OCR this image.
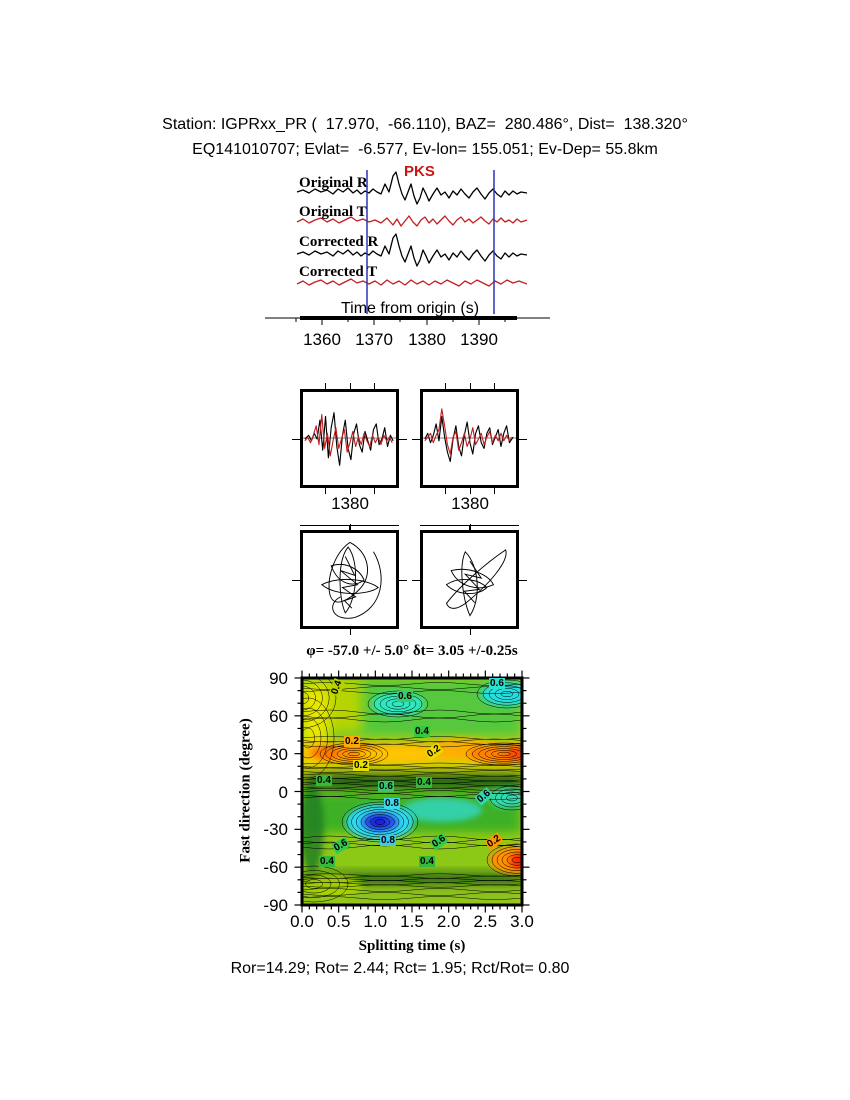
Station: IGPRxx_PR (  17.970,  -66.110), BAZ=  280.486°, Dist=  138.320°
EQ141010707; Evlat=  -6.577, Ev-lon= 155.051; Ev-Dep= 55.8km
Original R
Original T
Corrected R
Corrected T
PKS
Time from origin (s)
1360 1370 1380 1390
1380	1380
φ= -57.0 +/- 5.0° δt= 3.05 +/-0.25s
Fast direction (degree)
0.4
0.6
0.6
0.4
0.2
0.2
0.2
0.4	0.4
0.6
0.8	0.6
0.8
0.6	0.6
0.4	0.4
0.2
90
60
30
0
-30
-60
-90
0.0 0.5 1.0 1.5 2.0 2.5 3.0
Splitting time (s)
Ror=14.29; Rot= 2.44; Rct= 1.95; Rct/Rot= 0.80
